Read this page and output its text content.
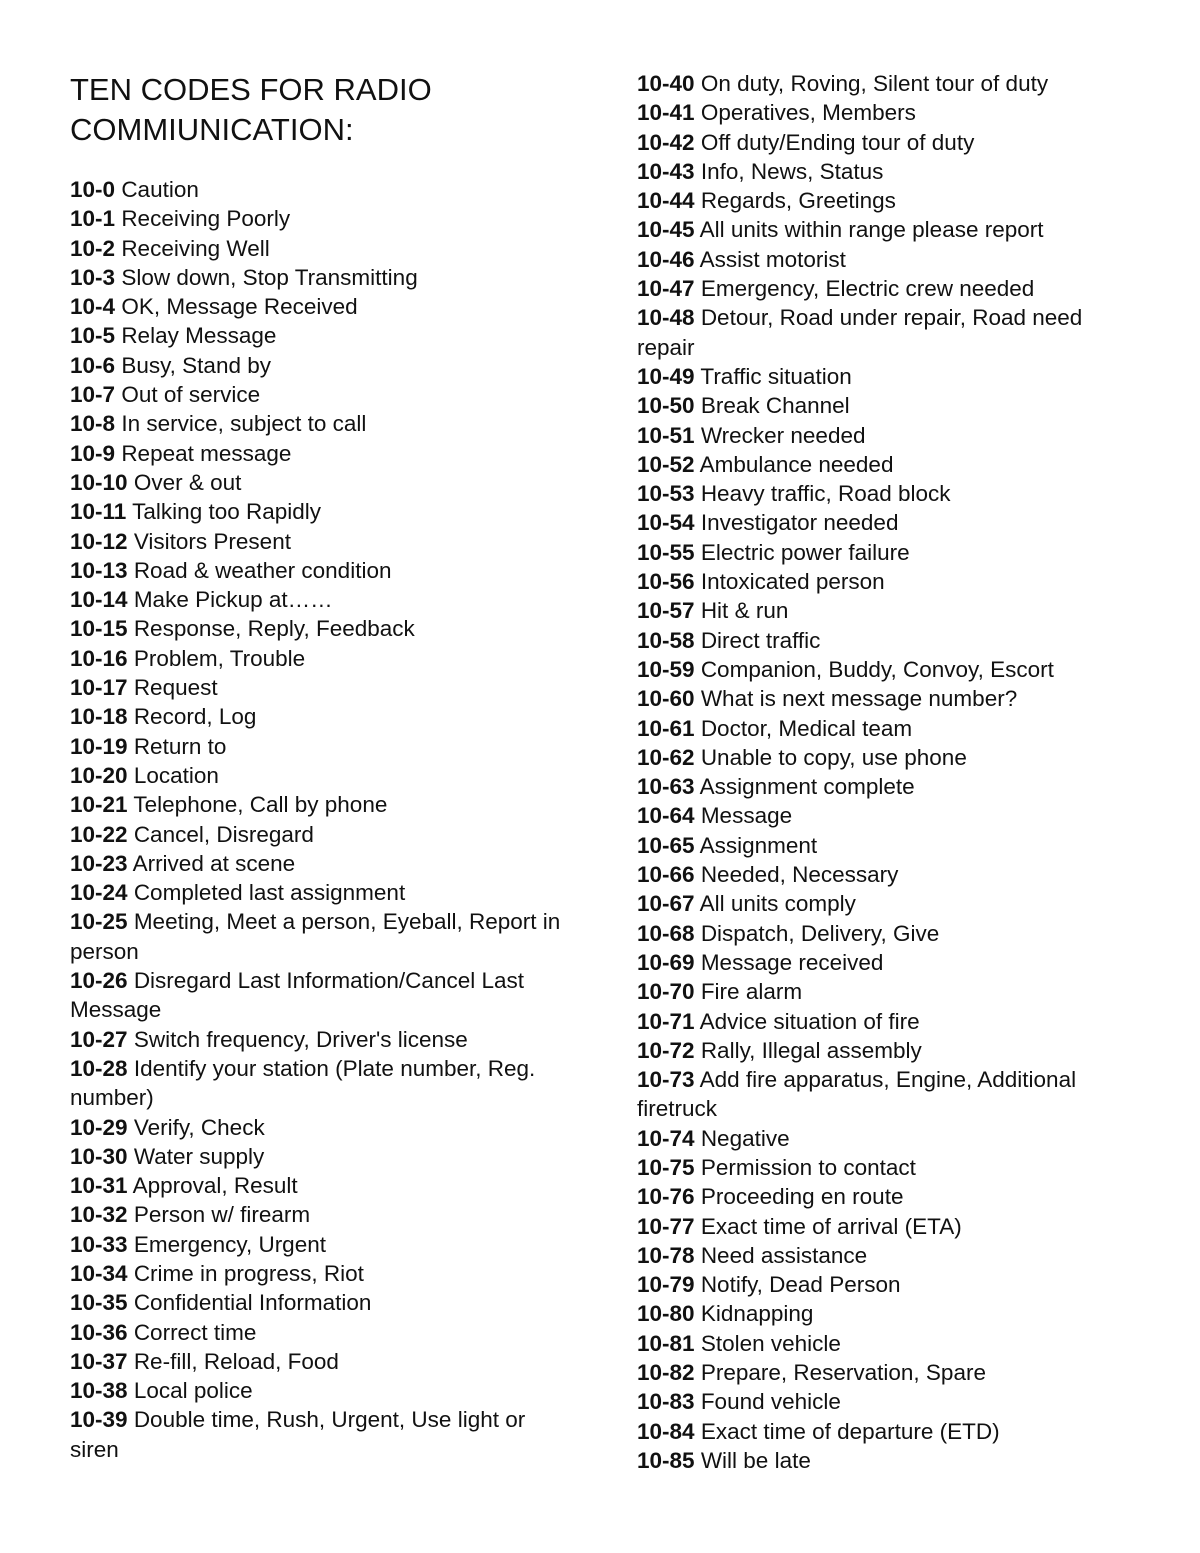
TEN CODES FOR RADIO COMMIUNICATION:

10-0 Caution

10-1 Receiving Poorly

10-2 Receiving Well

10-3 Slow down, Stop Transmitting

10-4 OK, Message Received

10-5 Relay Message

10-6 Busy, Stand by

10-7 Out of service

10-8 In service, subject to call

10-9 Repeat message

10-10 Over & out

10-11 Talking too Rapidly

10-12 Visitors Present

10-13 Road & weather condition

10-14 Make Pickup at……

10-15 Response, Reply, Feedback

10-16 Problem, Trouble

10-17 Request

10-18 Record, Log

10-19 Return to

10-20 Location

10-21 Telephone, Call by phone

10-22 Cancel, Disregard

10-23 Arrived at scene

10-24 Completed last assignment

10-25 Meeting, Meet a person, Eyeball, Report in person

10-26 Disregard Last Information/Cancel Last Message

10-27 Switch frequency, Driver's license

10-28 Identify your station (Plate number, Reg. number)

10-29 Verify, Check

10-30 Water supply

10-31 Approval, Result

10-32 Person w/ firearm

10-33 Emergency, Urgent

10-34 Crime in progress, Riot

10-35 Confidential Information

10-36 Correct time

10-37 Re-fill, Reload, Food

10-38 Local police

10-39 Double time, Rush, Urgent, Use light or siren

10-40 On duty, Roving, Silent tour of duty

10-41 Operatives, Members

10-42 Off duty/Ending tour of duty

10-43 Info, News, Status

10-44 Regards, Greetings

10-45 All units within range please report

10-46 Assist motorist

10-47 Emergency, Electric crew needed

10-48 Detour, Road under repair, Road need repair

10-49 Traffic situation

10-50 Break Channel

10-51 Wrecker needed

10-52 Ambulance needed

10-53 Heavy traffic, Road block

10-54 Investigator needed

10-55 Electric power failure

10-56 Intoxicated person

10-57 Hit & run

10-58 Direct traffic

10-59 Companion, Buddy, Convoy, Escort

10-60 What is next message number?

10-61 Doctor, Medical team

10-62 Unable to copy, use phone

10-63 Assignment complete

10-64 Message

10-65 Assignment

10-66 Needed, Necessary

10-67 All units comply

10-68 Dispatch, Delivery, Give

10-69 Message received

10-70 Fire alarm

10-71 Advice situation of fire

10-72 Rally, Illegal assembly

10-73 Add fire apparatus, Engine, Additional firetruck

10-74 Negative

10-75 Permission to contact

10-76 Proceeding en route

10-77 Exact time of arrival (ETA)

10-78 Need assistance

10-79 Notify, Dead Person

10-80 Kidnapping

10-81 Stolen vehicle

10-82 Prepare, Reservation, Spare

10-83 Found vehicle

10-84 Exact time of departure (ETD)

10-85 Will be late
